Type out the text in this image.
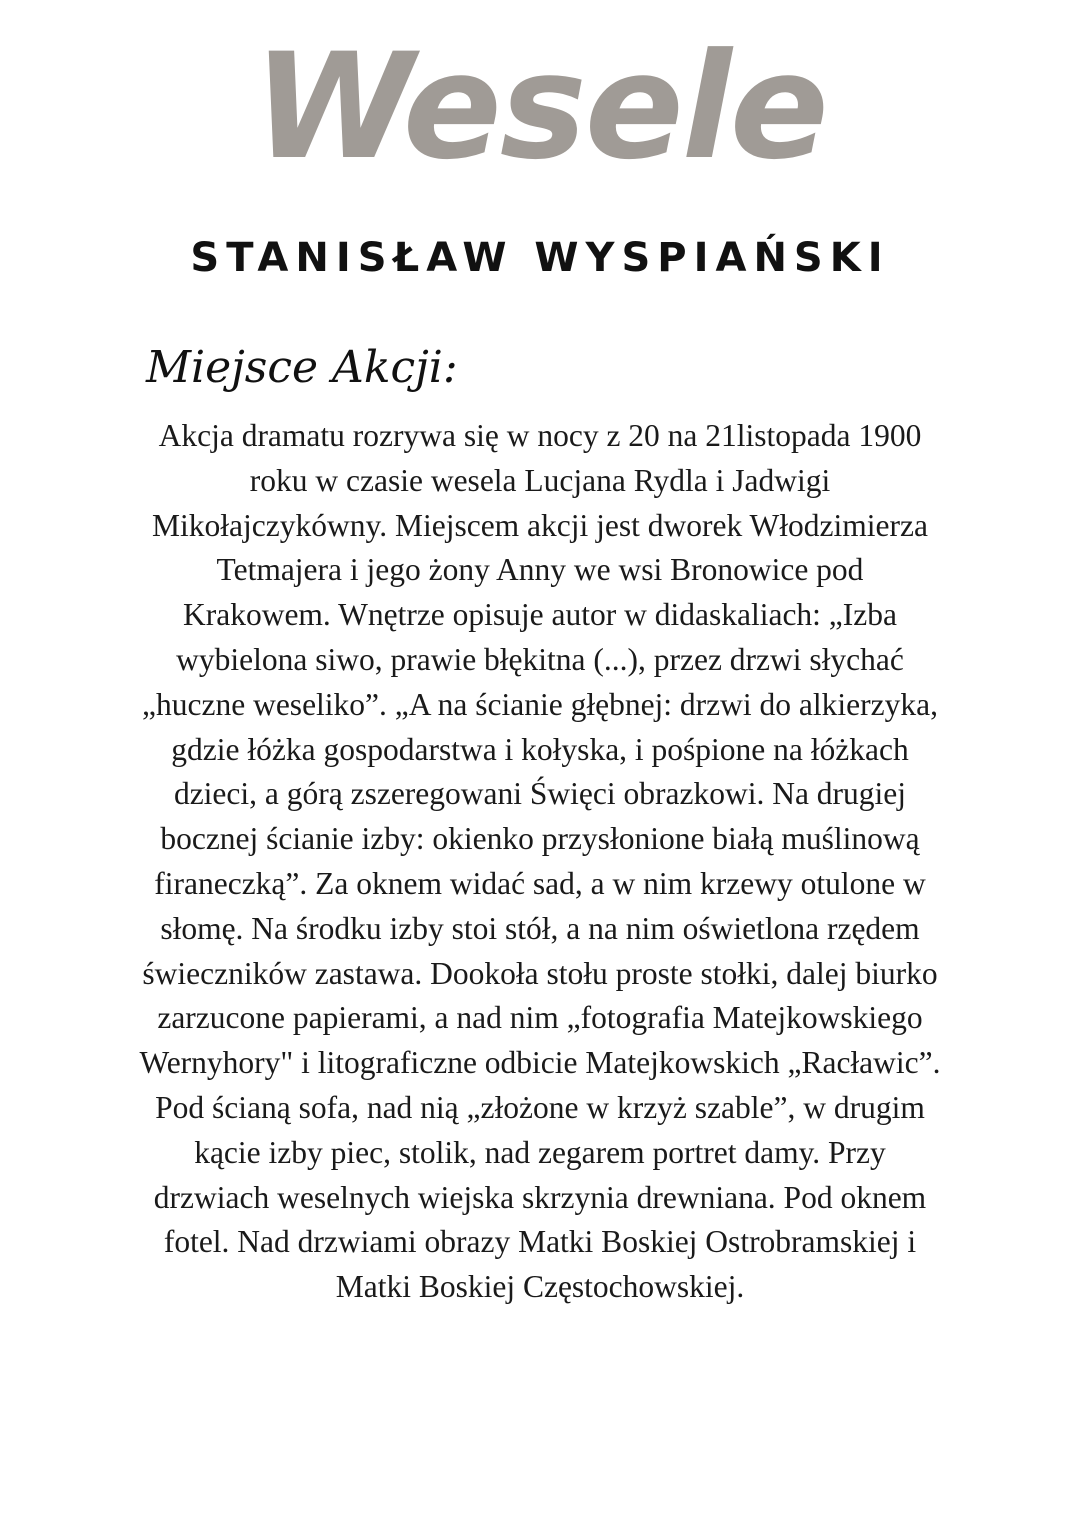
Wesele
STANISŁAW WYSPIAŃSKI
Miejsce Akcji:
Akcja dramatu rozrywa się w nocy z 20 na 21listopada 1900
roku w czasie wesela Lucjana Rydla i Jadwigi
Mikołajczykówny. Miejscem akcji jest dworek Włodzimierza
Tetmajera i jego żony Anny we wsi Bronowice pod
Krakowem. Wnętrze opisuje autor w didaskaliach: „Izba
wybielona siwo, prawie błękitna (...), przez drzwi słychać
„huczne weseliko”. „A na ścianie głębnej: drzwi do alkierzyka,
gdzie łóżka gospodarstwa i kołyska, i pośpione na łóżkach
dzieci, a górą zszeregowani Święci obrazkowi. Na drugiej
bocznej ścianie izby: okienko przysłonione białą muślinową
firaneczką”. Za oknem widać sad, a w nim krzewy otulone w
słomę. Na środku izby stoi stół, a na nim oświetlona rzędem
świeczników zastawa. Dookoła stołu proste stołki, dalej biurko
zarzucone papierami, a nad nim „fotografia Matejkowskiego
Wernyhory" i litograficzne odbicie Matejkowskich „Racławic”.
Pod ścianą sofa, nad nią „złożone w krzyż szable”, w drugim
kącie izby piec, stolik, nad zegarem portret damy. Przy
drzwiach weselnych wiejska skrzynia drewniana. Pod oknem
fotel. Nad drzwiami obrazy Matki Boskiej Ostrobramskiej i
Matki Boskiej Częstochowskiej.
